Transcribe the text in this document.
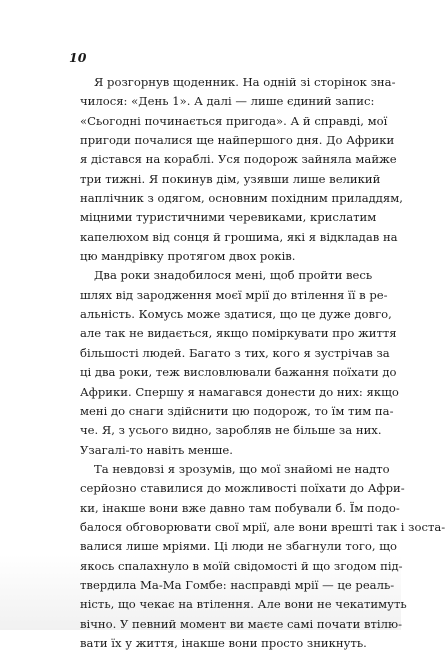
10
Я розгорнув щоденник. На одній зі сторінок зна-
чилося: «День 1». А далі — лише єдиний запис:
«Сьогодні починається пригода». А й справді, мої
пригоди почалися ще найпершого дня. До Африки
я дістався на кораблі. Уся подорож зайняла майже
три тижні. Я покинув дім, узявши лише великий
наплічник з одягом, основним похідним приладдям,
міцними туристичними черевиками, крислатим
капелюхом від сонця й грошима, які я відкладав на
цю мандрівку протягом двох років.
Два роки знадобилося мені, щоб пройти весь
шлях від зародження моєї мрії до втілення її в ре-
альність. Комусь може здатися, що це дуже довго,
але так не видається, якщо поміркувати про життя
більшості людей. Багато з тих, кого я зустрічав за
ці два роки, теж висловлювали бажання поїхати до
Африки. Спершу я намагався донести до них: якщо
мені до снаги здійснити цю подорож, то їм тим па-
че. Я, з усього видно, заробляв не більше за них.
Узагалі-то навіть менше.
Та невдовзі я зрозумів, що мої знайомі не надто
серйозно ставилися до можливості поїхати до Афри-
ки, інакше вони вже давно там побували б. Їм подо-
балося обговорювати свої мрії, але вони врешті так і зоста-
валися лише мріями. Ці люди не збагнули того, що
якось спалахнуло в моїй свідомості й що згодом під-
твердила Ма-Ма Гомбе: насправді мрії — це реаль-
ність, що чекає на втілення. Але вони не чекатимуть
вічно. У певний момент ви маєте самі почати втілю-
вати їх у життя, інакше вони просто зникнуть.
